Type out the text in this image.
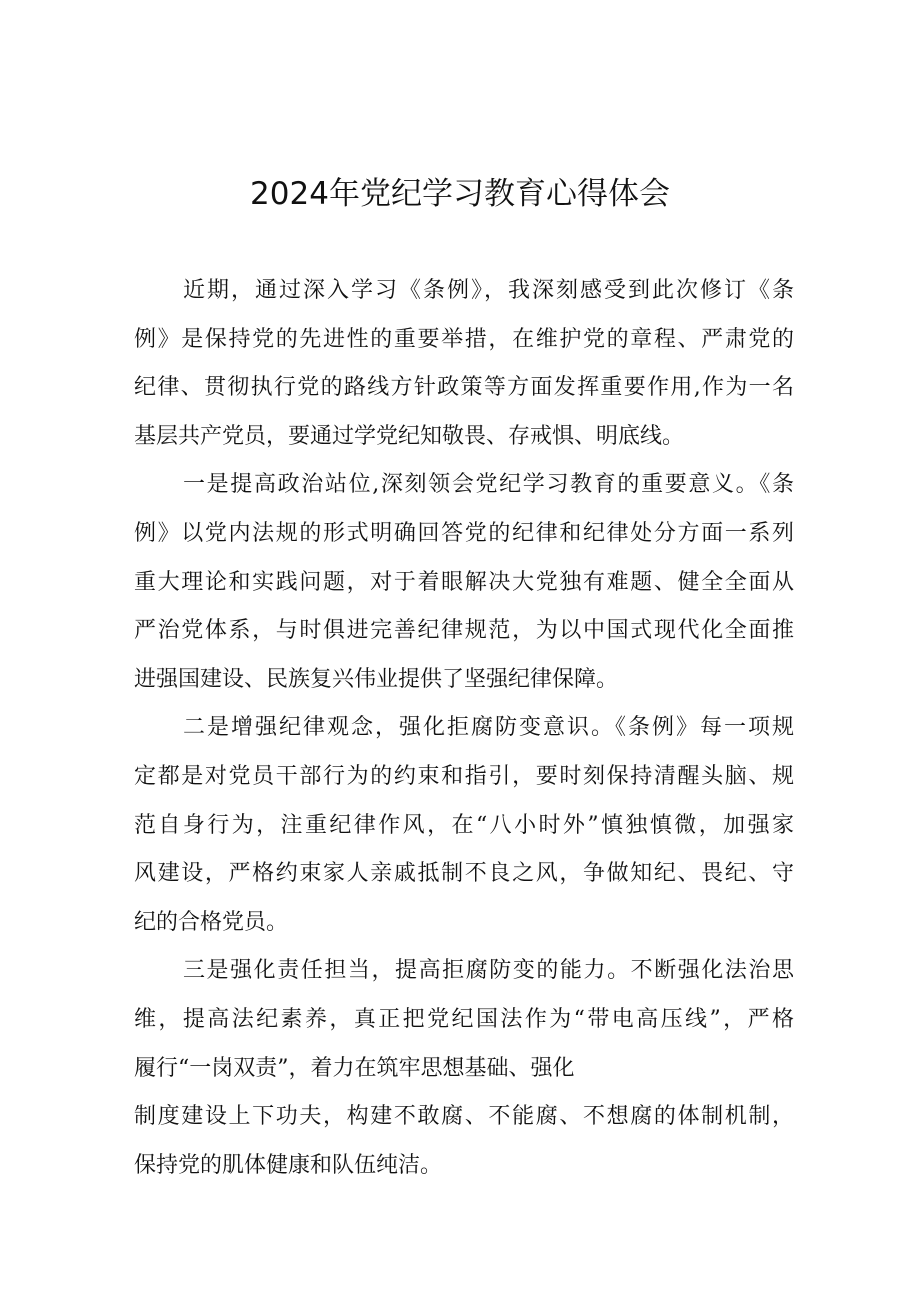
2024年党纪学习教育心得体会
近期，通过深入学习《条例》，我深刻感受到此次修订《条
例》是保持党的先进性的重要举措，在维护党的章程、严肃党的
纪律、贯彻执行党的路线方针政策等方面发挥重要作用,作为一名
基层共产党员，要通过学党纪知敬畏、存戒惧、明底线。
一是提高政治站位,深刻领会党纪学习教育的重要意义。《条
例》以党内法规的形式明确回答党的纪律和纪律处分方面一系列
重大理论和实践问题，对于着眼解决大党独有难题、健全全面从
严治党体系，与时俱进完善纪律规范，为以中国式现代化全面推
进强国建设、民族复兴伟业提供了坚强纪律保障。
二是增强纪律观念，强化拒腐防变意识。《条例》每一项规
定都是对党员干部行为的约束和指引，要时刻保持清醒头脑、规
范自身行为，注重纪律作风，在“八小时外”慎独慎微，加强家
风建设，严格约束家人亲戚抵制不良之风，争做知纪、畏纪、守
纪的合格党员。
三是强化责任担当，提高拒腐防变的能力。不断强化法治思
维，提高法纪素养，真正把党纪国法作为“带电高压线”，严格
履行“一岗双责”，着力在筑牢思想基础、强化
制度建设上下功夫，构建不敢腐、不能腐、不想腐的体制机制，
保持党的肌体健康和队伍纯洁。
